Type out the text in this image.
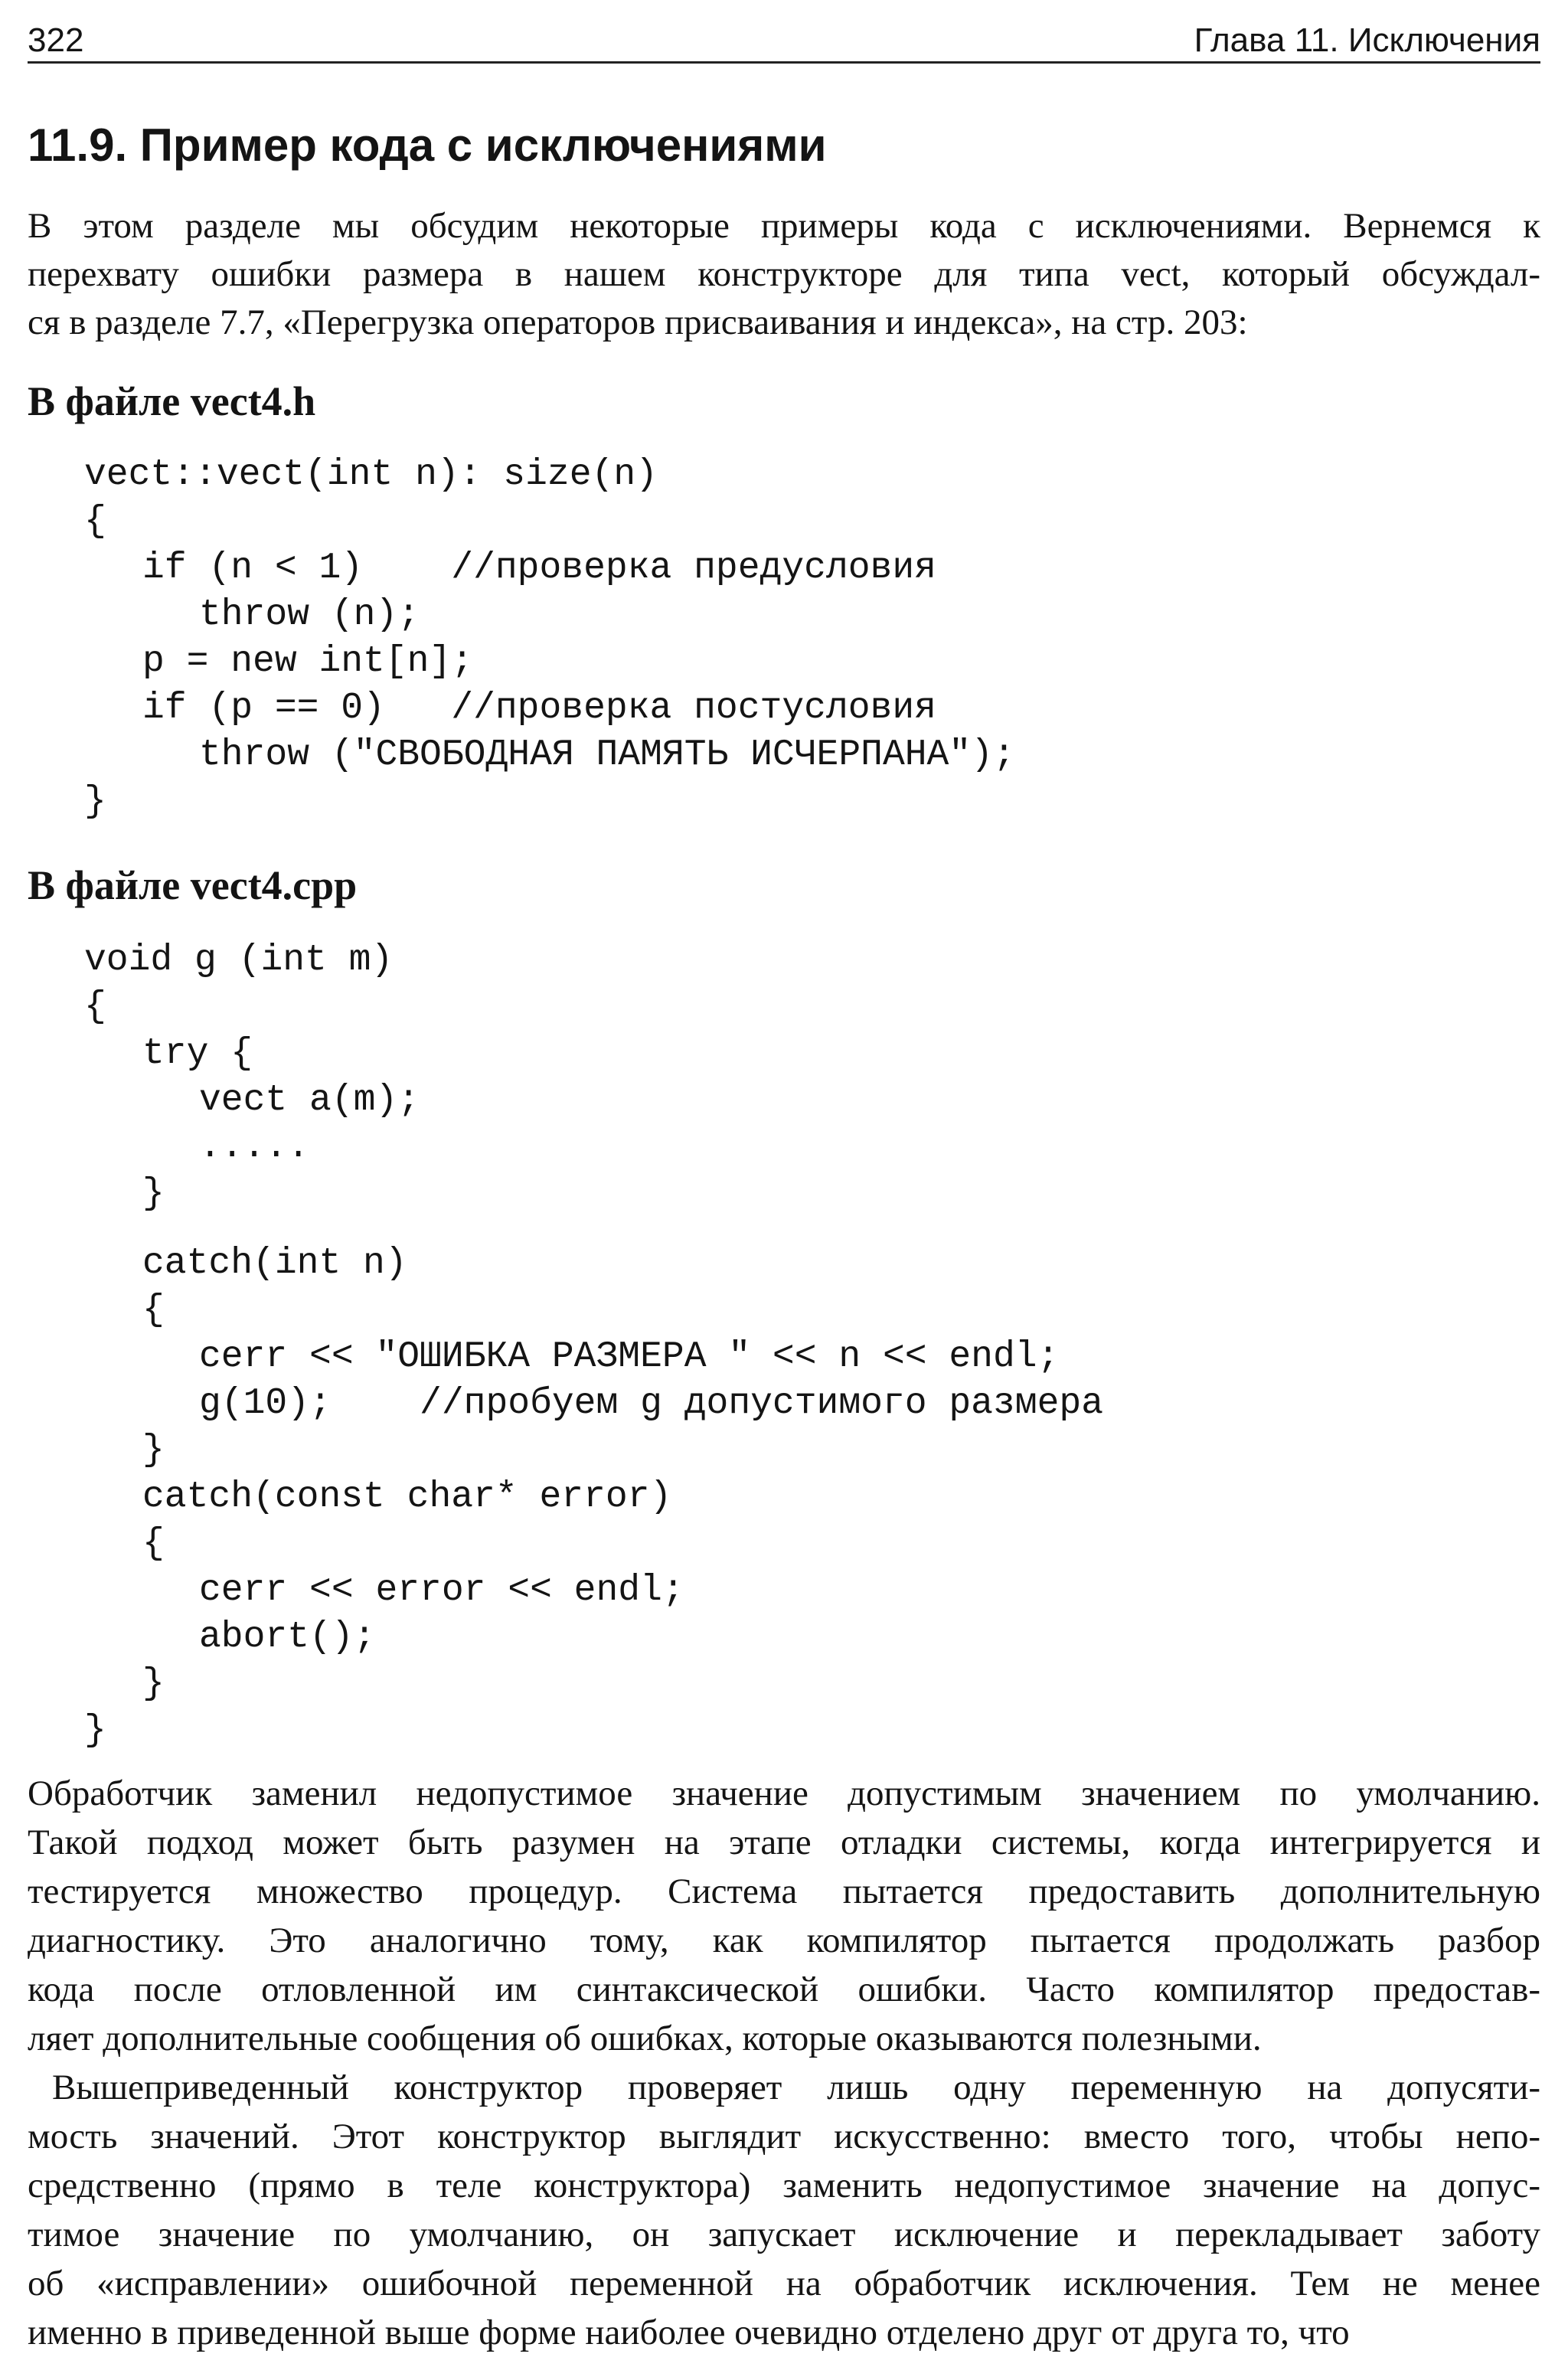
322	Глава 11. Исключения
11.9. Пример кода с исключениями
В этом разделе мы обсудим некоторые примеры кода с исключениями. Вернемся к
перехвату ошибки размера в нашем конструкторе для типа vect, который обсуждал-
ся в разделе 7.7, «Перегрузка операторов присваивания и индекса», на стр. 203:
В файле vect4.h
vect::vect(int n): size(n)
{
if (n < 1)    //проверка предусловия
throw (n);
p = new int[n];
if (p == 0)   //проверка постусловия
throw ("СВОБОДНАЯ ПАМЯТЬ ИСЧЕРПАНА");
}
В файле vect4.cpp
void g (int m)
{
try {
vect a(m);
.....
}
catch(int n)
{
cerr << "ОШИБКА РАЗМЕРА " << n << endl;
g(10);    //пробуем g допустимого размера
}
catch(const char* error)
{
cerr << error << endl;
abort();
}
}
Обработчик заменил недопустимое значение допустимым значением по умолчанию.
Такой подход может быть разумен на этапе отладки системы, когда интегрируется и
тестируется множество процедур. Система пытается предоставить дополнительную
диагностику. Это аналогично тому, как компилятор пытается продолжать разбор
кода после отловленной им синтаксической ошибки. Часто компилятор предостав-
ляет дополнительные сообщения об ошибках, которые оказываются полезными.
Вышеприведенный конструктор проверяет лишь одну переменную на допусяти-
мость значений. Этот конструктор выглядит искусственно: вместо того, чтобы непо-
средственно (прямо в теле конструктора) заменить недопустимое значение на допус-
тимое значение по умолчанию, он запускает исключение и перекладывает заботу
об «исправлении» ошибочной переменной на обработчик исключения. Тем не менее
именно в приведенной выше форме наиболее очевидно отделено друг от друга то, что
